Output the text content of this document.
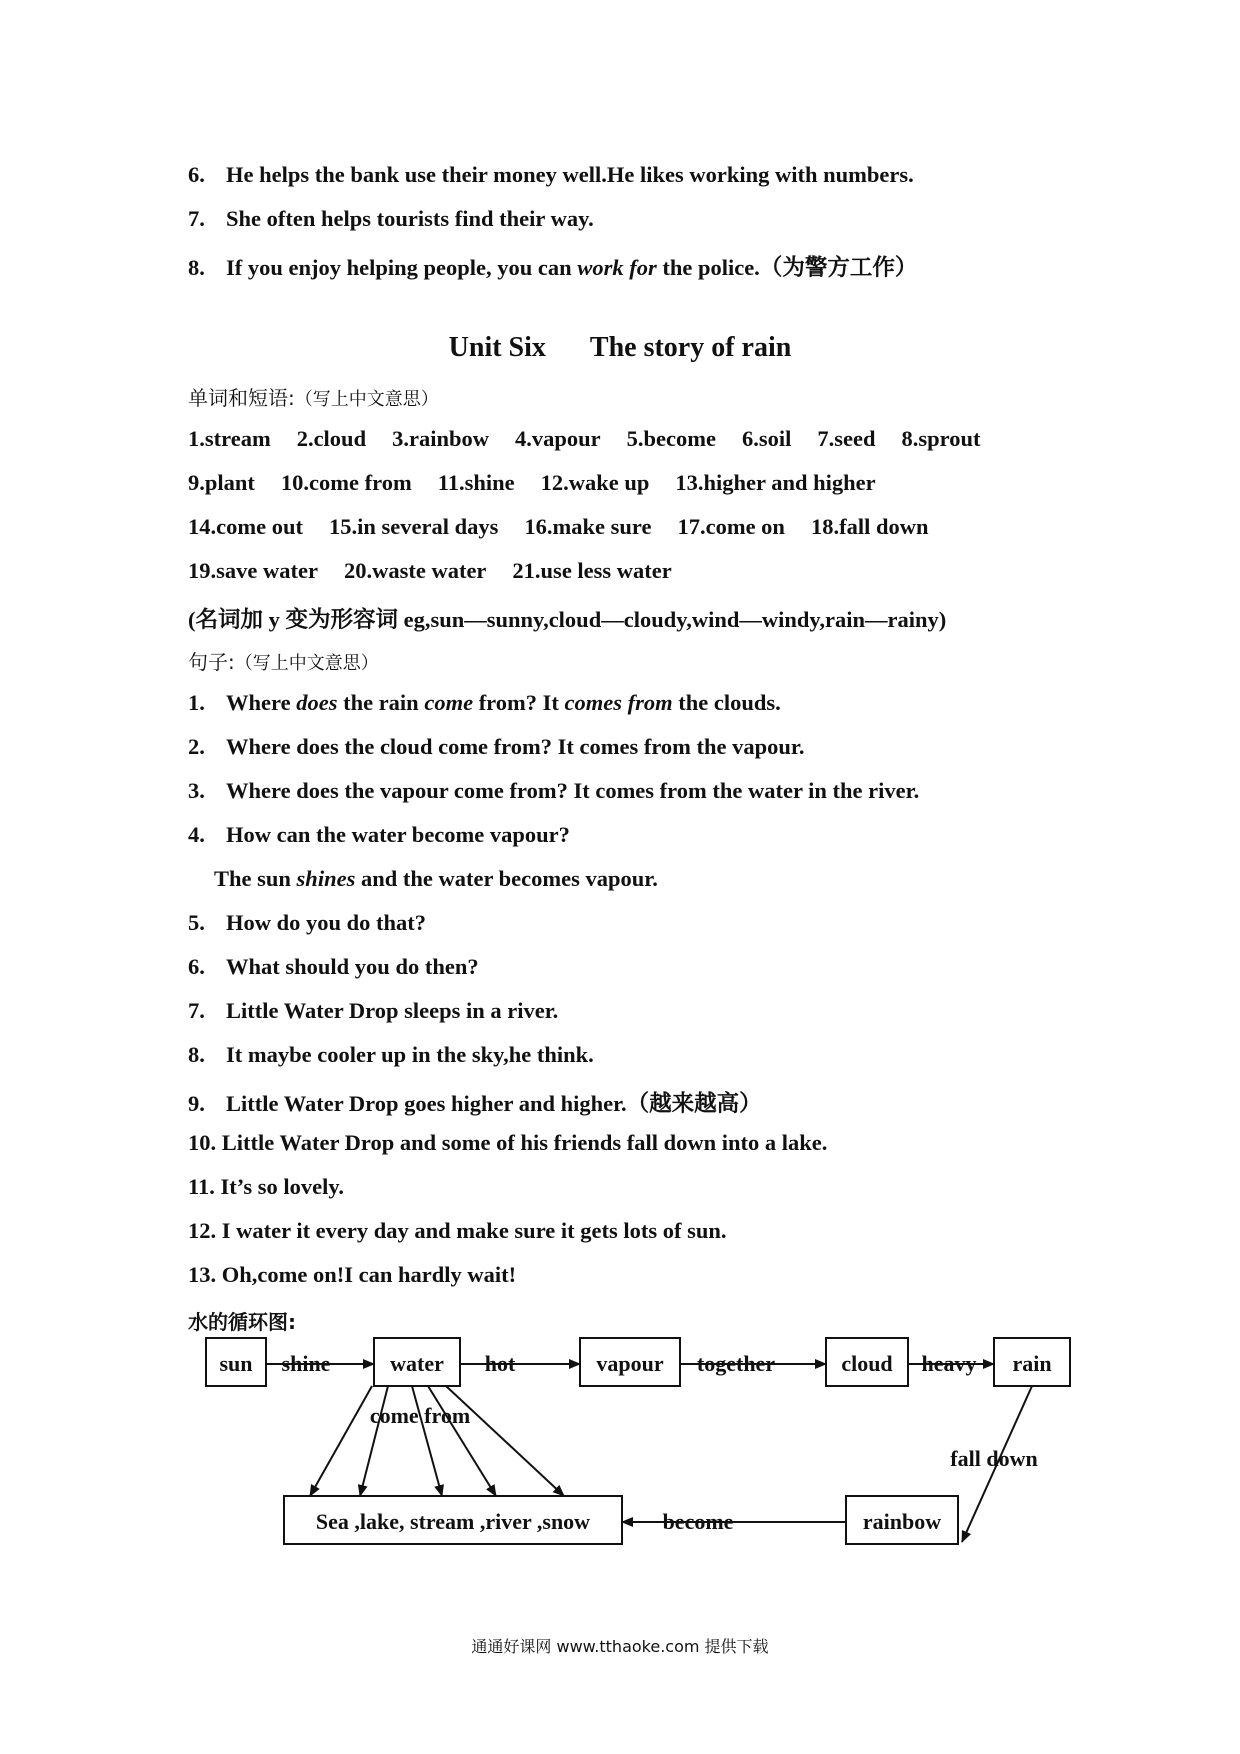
6. He helps the bank use their money well.He likes working with numbers.
7. She often helps tourists find their way.
8. If you enjoy helping people, you can work for the police.（为警方工作）
Unit Six The story of rain
单词和短语:（写上中文意思）
1.stream 2.cloud 3.rainbow 4.vapour 5.become 6.soil 7.seed 8.sprout
9.plant 10.come from 11.shine 12.wake up 13.higher and higher
14.come out 15.in several days 16.make sure 17.come on 18.fall down
19.save water 20.waste water 21.use less water
(名词加 y 变为形容词 eg,sun—sunny,cloud—cloudy,wind—windy,rain—rainy)
句子:（写上中文意思）
1. Where does the rain come from? It comes from the clouds.
2. Where does the cloud come from? It comes from the vapour.
3. Where does the vapour come from? It comes from the water in the river.
4. How can the water become vapour?
The sun shines and the water becomes vapour.
5. How do you do that?
6. What should you do then?
7. Little Water Drop sleeps in a river.
8. It maybe cooler up in the sky,he think.
9. Little Water Drop goes higher and higher.（越来越高）
10. Little Water Drop and some of his friends fall down into a lake.
11. It’s so lovely.
12. I water it every day and make sure it gets lots of sun.
13. Oh,come on!I can hardly wait!
水的循环图:
sun	water	vapour	cloud	rain
rainbow
Sea ,lake, stream ,river ,snow
shine	hot	together	heavy
come from
fall down
become
通通好课网 www.tthaoke.com 提供下载
